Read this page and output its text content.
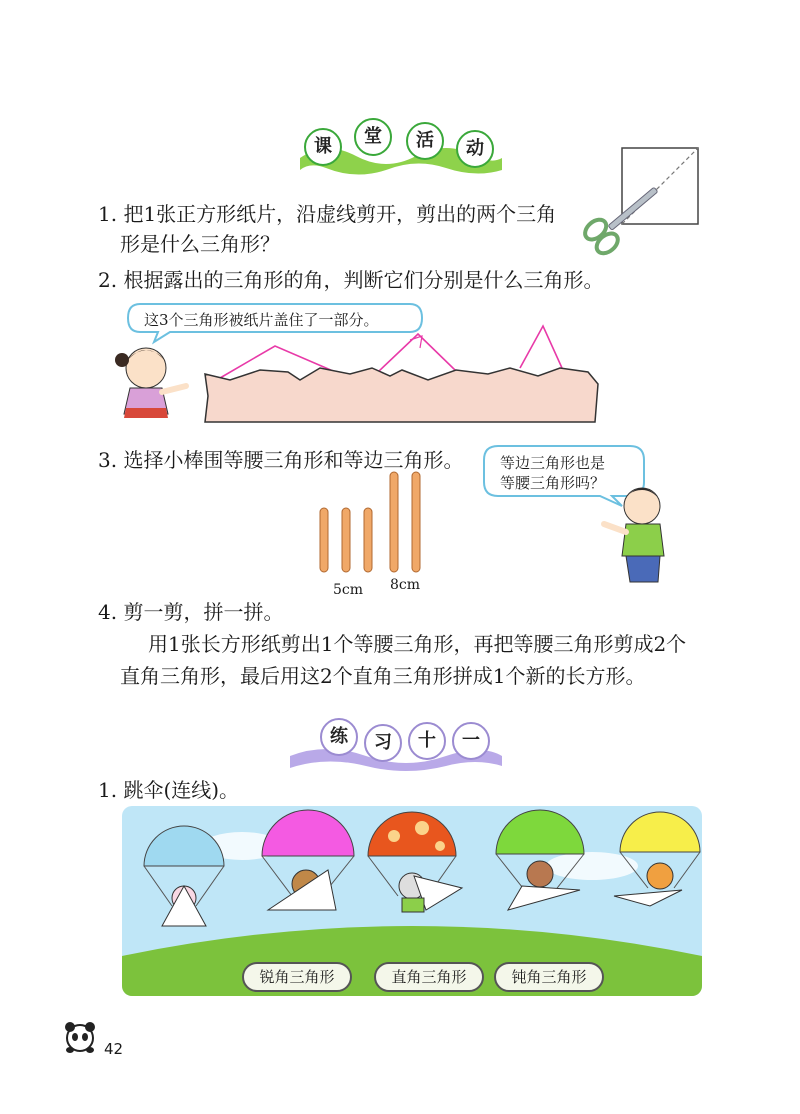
课	堂	活	动
1. 把1张正方形纸片，沿虚线剪开，剪出的两个三角
形是什么三角形？
2. 根据露出的三角形的角，判断它们分别是什么三角形。
这3个三角形被纸片盖住了一部分。
3. 选择小棒围等腰三角形和等边三角形。 等边三角形也是
等腰三角形吗？
5cm 8cm
4. 剪一剪，拼一拼。
用1张长方形纸剪出1个等腰三角形，再把等腰三角形剪成2个
直角三角形，最后用这2个直角三角形拼成1个新的长方形。
练	习	十	一
1. 跳伞(连线)。
锐角三角形	直角三角形	钝角三角形
42
